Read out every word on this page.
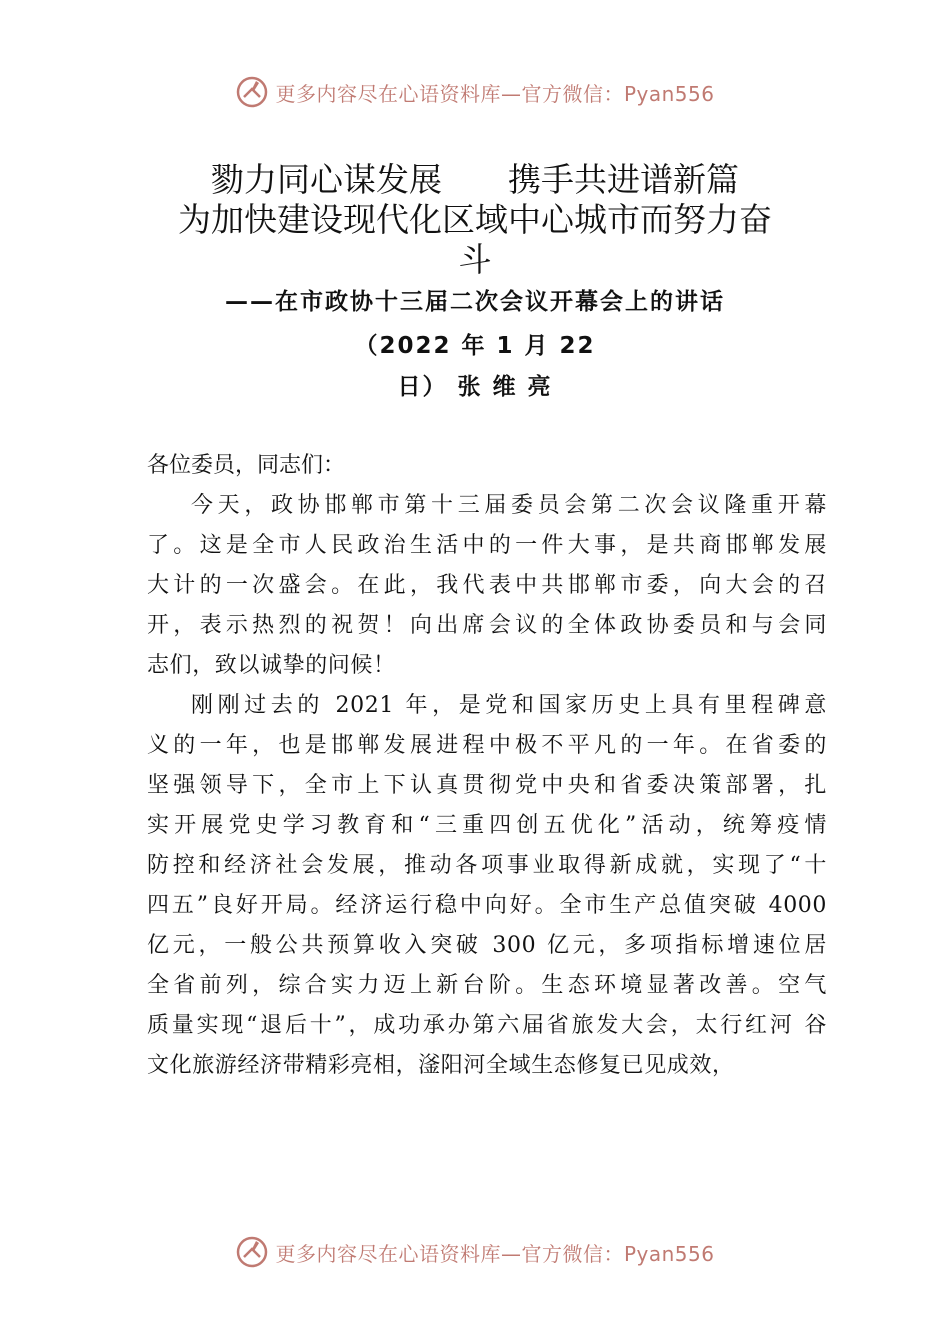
更多内容尽在心语资料库—官方微信：Pyan556
勠力同心谋发展　　携手共进谱新篇
为加快建设现代化区域中心城市而努力奋
斗
——在市政协十三届二次会议开幕会上的讲话
（2022 年 1 月 22
日） 张 维 亮
各位委员，同志们：
今天，政协邯郸市第十三届委员会第二次会议隆重开幕
了。这是全市人民政治生活中的一件大事，是共商邯郸发展
大计的一次盛会。在此，我代表中共邯郸市委，向大会的召
开，表示热烈的祝贺！向出席会议的全体政协委员和与会同
志们，致以诚挚的问候！
刚刚过去的 2021 年，是党和国家历史上具有里程碑意
义的一年，也是邯郸发展进程中极不平凡的一年。在省委的
坚强领导下，全市上下认真贯彻党中央和省委决策部署，扎
实开展党史学习教育和“三重四创五优化”活动，统筹疫情
防控和经济社会发展，推动各项事业取得新成就，实现了“十
四五”良好开局。经济运行稳中向好。全市生产总值突破 4000
亿元，一般公共预算收入突破 300 亿元，多项指标增速位居
全省前列，综合实力迈上新台阶。生态环境显著改善。空气
质量实现“退后十”，成功承办第六届省旅发大会，太行红河 谷
文化旅游经济带精彩亮相，滏阳河全域生态修复已见成效，
更多内容尽在心语资料库—官方微信：Pyan556
